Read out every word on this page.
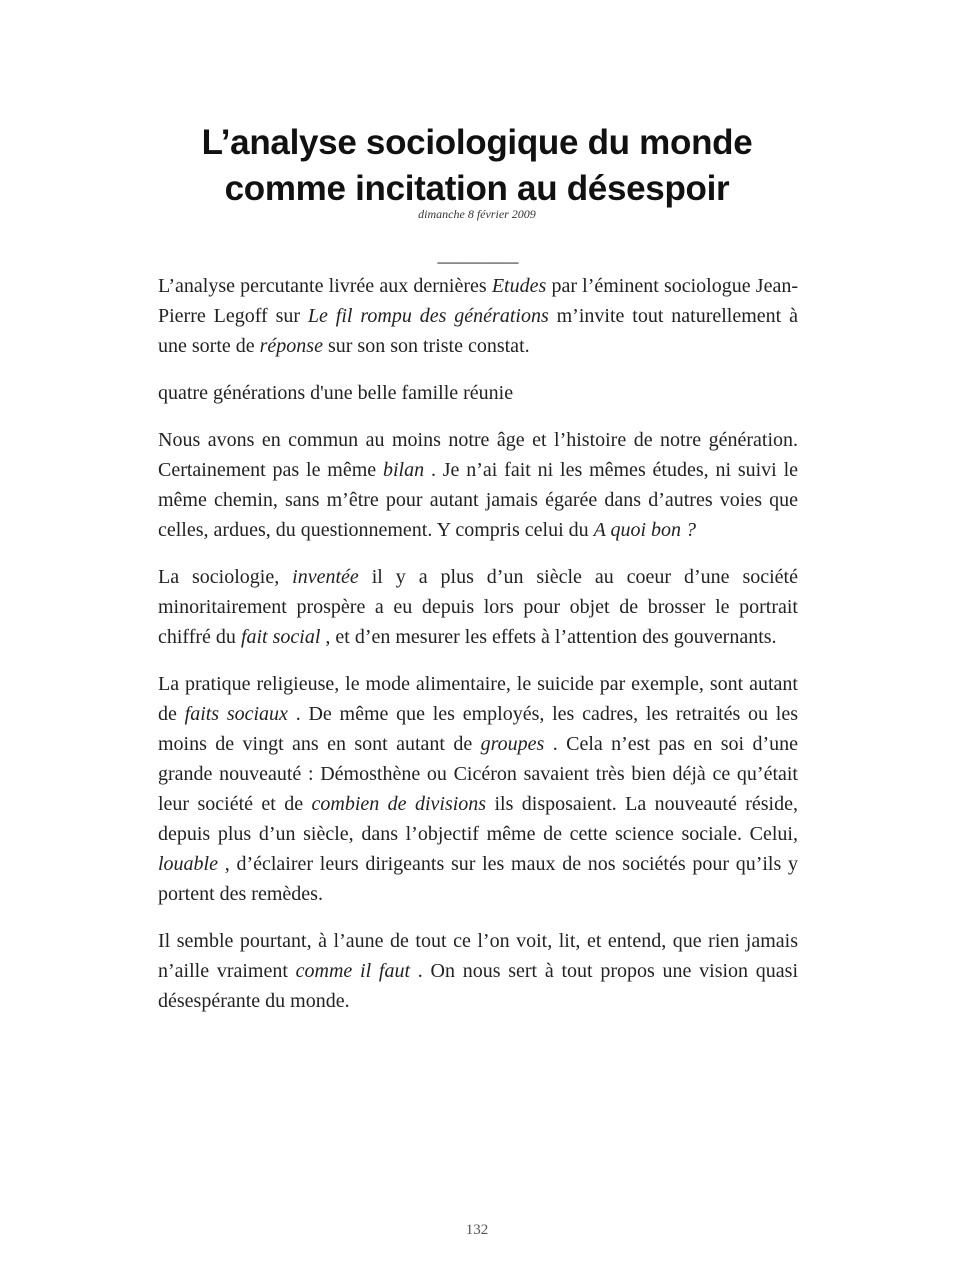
L’analyse sociologique du monde
comme incitation au désespoir
dimanche 8 février 2009
_________

L’analyse percutante livrée aux dernières Etudes par l’éminent sociologue Jean-Pierre Legoff sur Le fil rompu des générations m’invite tout naturellement à une sorte de réponse sur son son triste constat.

quatre générations d'une belle famille réunie

Nous avons en commun au moins notre âge et l’histoire de notre génération. Certainement pas le même bilan . Je n’ai fait ni les mêmes études, ni suivi le même chemin, sans m’être pour autant jamais égarée dans d’autres voies que celles, ardues, du questionnement. Y compris celui du A quoi bon ?

La sociologie, inventée il y a plus d’un siècle au coeur d’une société minoritairement prospère a eu depuis lors pour objet de brosser le portrait chiffré du fait social , et d’en mesurer les effets à l’attention des gouvernants.

La pratique religieuse, le mode alimentaire, le suicide par exemple, sont autant de faits sociaux . De même que les employés, les cadres, les retraités ou les moins de vingt ans en sont autant de groupes . Cela n’est pas en soi d’une grande nouveauté : Démosthène ou Cicéron savaient très bien déjà ce qu’était leur société et de combien de divisions ils disposaient. La nouveauté réside, depuis plus d’un siècle, dans l’objectif même de cette science sociale. Celui, louable , d’éclairer leurs dirigeants sur les maux de nos sociétés pour qu’ils y portent des remèdes.

Il semble pourtant, à l’aune de tout ce l’on voit, lit, et entend, que rien jamais n’aille vraiment comme il faut . On nous sert à tout propos une vision quasi désespérante du monde.

132
